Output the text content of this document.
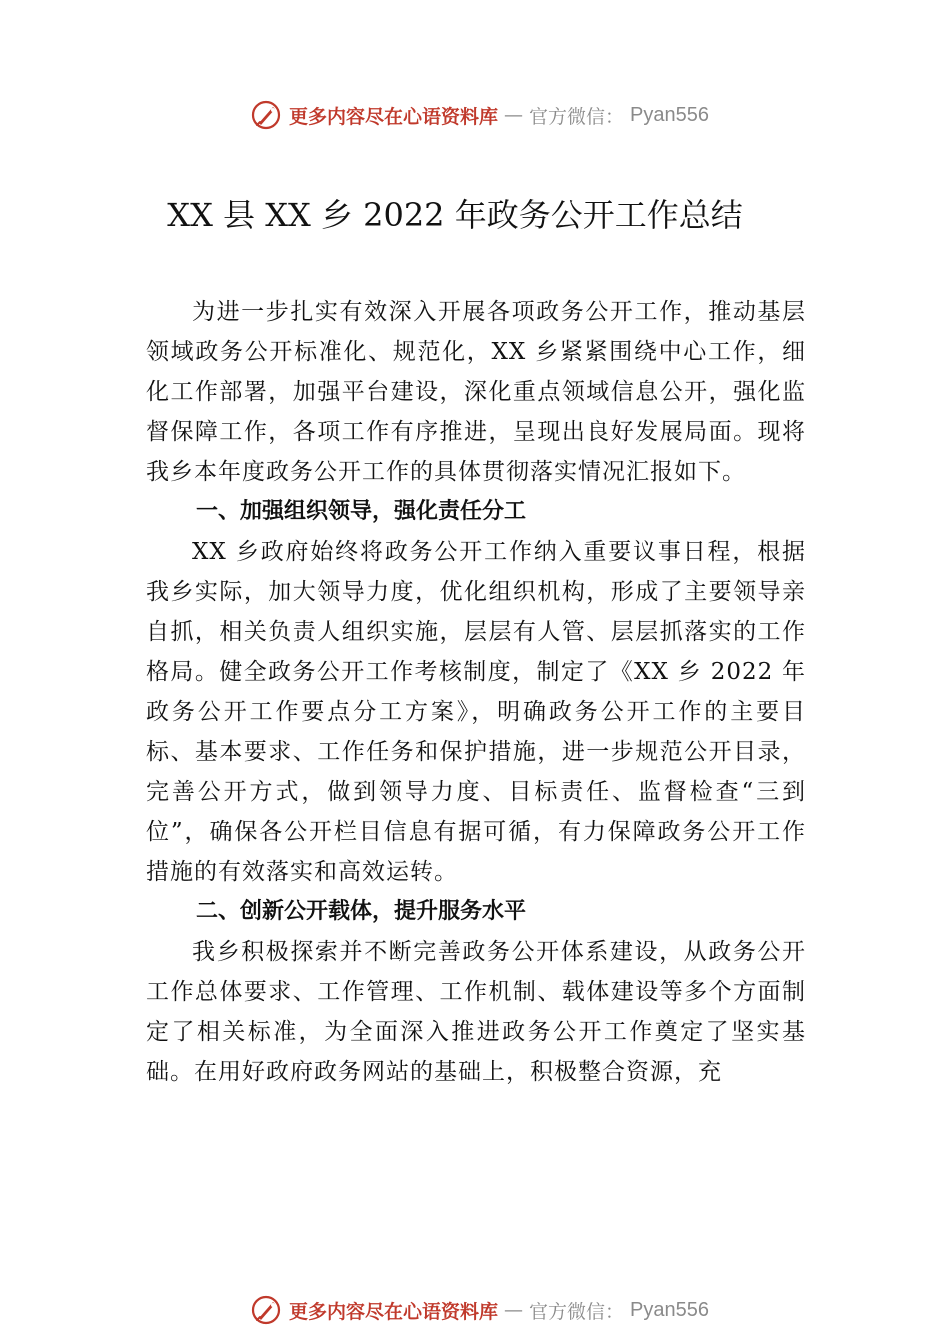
更多内容尽在心语资料库 — 官方微信： Pyan556
XX 县 XX 乡 2022 年政务公开工作总结

为进一步扎实有效深入开展各项政务公开工作，推动基层领域政务公开标准化、规范化，XX 乡紧紧围绕中心工作，细化工作部署，加强平台建设，深化重点领域信息公开，强化监督保障工作，各项工作有序推进，呈现出良好发展局面。现将我乡本年度政务公开工作的具体贯彻落实情况汇报如下。

一、加强组织领导，强化责任分工

XX 乡政府始终将政务公开工作纳入重要议事日程，根据我乡实际，加大领导力度，优化组织机构，形成了主要领导亲自抓，相关负责人组织实施，层层有人管、层层抓落实的工作格局。健全政务公开工作考核制度，制定了《XX 乡 2022 年政务公开工作要点分工方案》，明确政务公开工作的主要目标、基本要求、工作任务和保护措施，进一步规范公开目录，完善公开方式，做到领导力度、目标责任、监督检查“三到位”，确保各公开栏目信息有据可循，有力保障政务公开工作措施的有效落实和高效运转。

二、创新公开载体，提升服务水平

我乡积极探索并不断完善政务公开体系建设，从政务公开工作总体要求、工作管理、工作机制、载体建设等多个方面制定了相关标准，为全面深入推进政务公开工作奠定了坚实基础。在用好政府政务网站的基础上，积极整合资源，充

更多内容尽在心语资料库 — 官方微信： Pyan556
